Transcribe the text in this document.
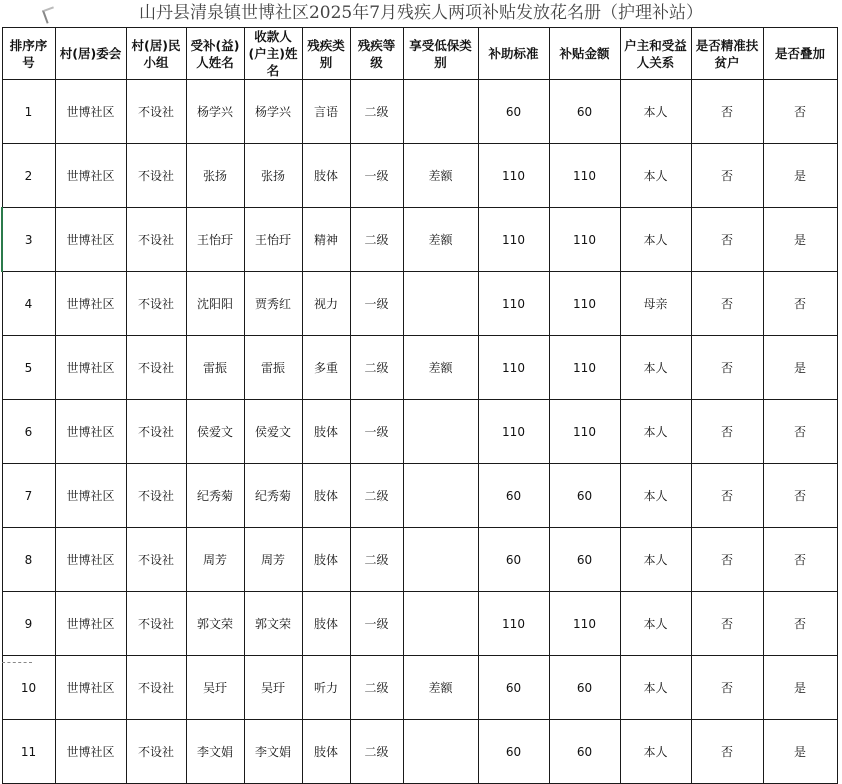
山丹县清泉镇世博社区2025年7月残疾人两项补贴发放花名册（护理补站）
排序序号	村(居)委会	村(居)民小组	受补(益)人姓名	收款人(户主)姓名	残疾类别	残疾等级	享受低保类别	补助标准	补贴金额	户主和受益人关系	是否精准扶贫户	是否叠加
1	世博社区	不设社	杨学兴	杨学兴	言语	二级		60	60	本人	否	否
2	世博社区	不设社	张扬	张扬	肢体	一级	差额	110	110	本人	否	是
3	世博社区	不设社	王怡玗	王怡玗	精神	二级	差额	110	110	本人	否	是
4	世博社区	不设社	沈阳阳	贾秀红	视力	一级		110	110	母亲	否	否
5	世博社区	不设社	雷振	雷振	多重	二级	差额	110	110	本人	否	是
6	世博社区	不设社	侯爱文	侯爱文	肢体	一级		110	110	本人	否	否
7	世博社区	不设社	纪秀菊	纪秀菊	肢体	二级		60	60	本人	否	否
8	世博社区	不设社	周芳	周芳	肢体	二级		60	60	本人	否	否
9	世博社区	不设社	郭文荣	郭文荣	肢体	一级		110	110	本人	否	否
10	世博社区	不设社	吴玗	吴玗	听力	二级	差额	60	60	本人	否	是
11	世博社区	不设社	李文娟	李文娟	肢体	二级		60	60	本人	否	是
